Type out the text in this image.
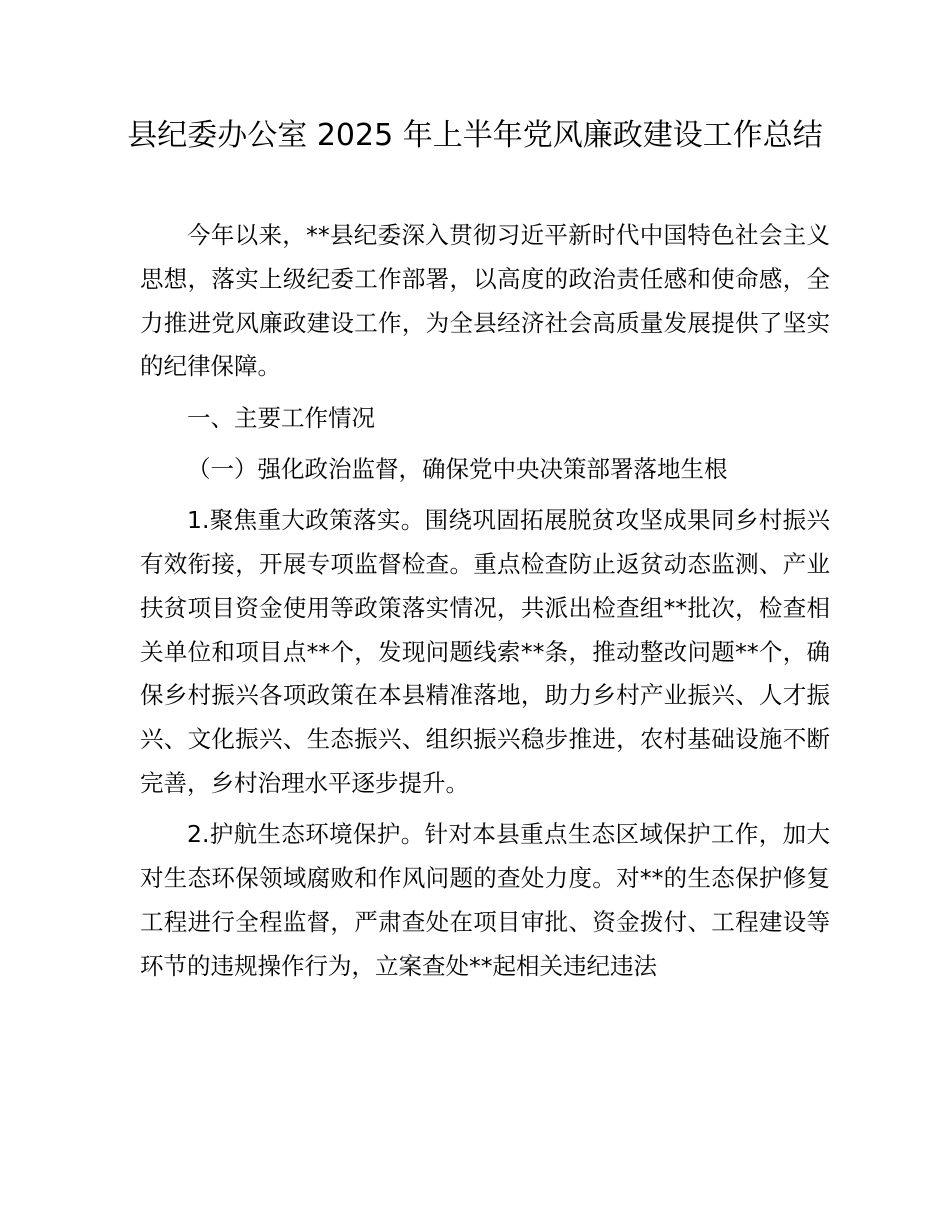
县纪委办公室 2025 年上半年党风廉政建设工作总结

今年以来，**县纪委深入贯彻习近平新时代中国特色社会主义思想，落实上级纪委工作部署，以高度的政治责任感和使命感，全力推进党风廉政建设工作，为全县经济社会高质量发展提供了坚实的纪律保障。

一、主要工作情况

（一）强化政治监督，确保党中央决策部署落地生根

1.聚焦重大政策落实。围绕巩固拓展脱贫攻坚成果同乡村振兴有效衔接，开展专项监督检查。重点检查防止返贫动态监测、产业扶贫项目资金使用等政策落实情况，共派出检查组**批次，检查相关单位和项目点**个，发现问题线索**条，推动整改问题**个，确保乡村振兴各项政策在本县精准落地，助力乡村产业振兴、人才振兴、文化振兴、生态振兴、组织振兴稳步推进，农村基础设施不断完善，乡村治理水平逐步提升。

2.护航生态环境保护。针对本县重点生态区域保护工作，加大对生态环保领域腐败和作风问题的查处力度。对**的生态保护修复工程进行全程监督，严肃查处在项目审批、资金拨付、工程建设等环节的违规操作行为，立案查处**起相关违纪违法
